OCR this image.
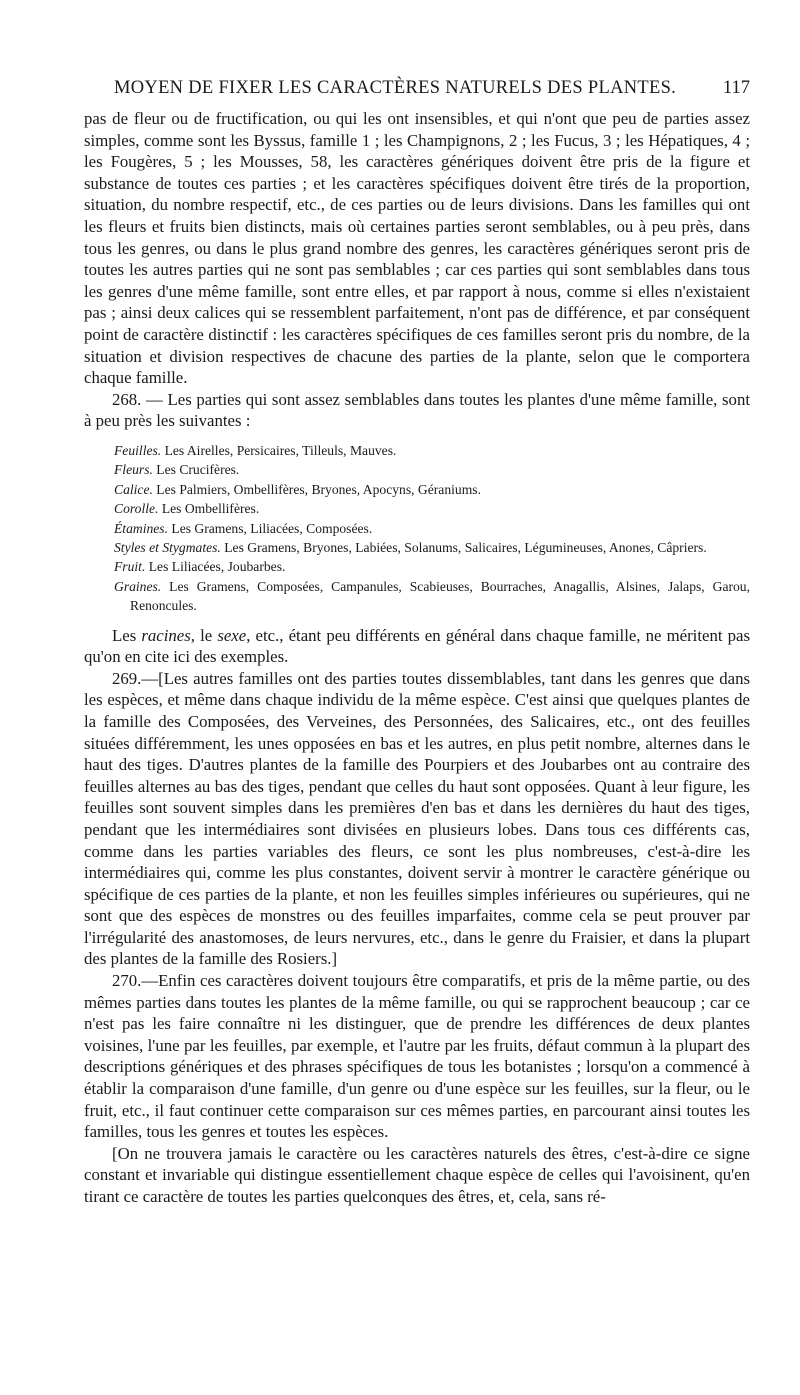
MOYEN DE FIXER LES CARACTÈRES NATURELS DES PLANTES.	117

pas de fleur ou de fructification, ou qui les ont insensibles, et qui n'ont que peu de parties assez simples, comme sont les Byssus, famille 1 ; les Champignons, 2 ; les Fucus, 3 ; les Hépatiques, 4 ; les Fougères, 5 ; les Mousses, 58, les caractères génériques doivent être pris de la figure et substance de toutes ces parties ; et les caractères spécifiques doivent être tirés de la proportion, situation, du nombre respectif, etc., de ces parties ou de leurs divisions. Dans les familles qui ont les fleurs et fruits bien distincts, mais où certaines parties seront semblables, ou à peu près, dans tous les genres, ou dans le plus grand nombre des genres, les caractères génériques seront pris de toutes les autres parties qui ne sont pas semblables ; car ces parties qui sont semblables dans tous les genres d'une même famille, sont entre elles, et par rapport à nous, comme si elles n'existaient pas ; ainsi deux calices qui se ressemblent parfaitement, n'ont pas de différence, et par conséquent point de caractère distinctif : les caractères spécifiques de ces familles seront pris du nombre, de la situation et division respectives de chacune des parties de la plante, selon que le comportera chaque famille.

268. — Les parties qui sont assez semblables dans toutes les plantes d'une même famille, sont à peu près les suivantes :

Feuilles. Les Airelles, Persicaires, Tilleuls, Mauves.
Fleurs. Les Crucifères.
Calice. Les Palmiers, Ombellifères, Bryones, Apocyns, Géraniums.
Corolle. Les Ombellifères.
Étamines. Les Gramens, Liliacées, Composées.
Styles et Stygmates. Les Gramens, Bryones, Labiées, Solanums, Salicaires, Légumineuses, Anones, Câpriers.
Fruit. Les Liliacées, Joubarbes.
Graines. Les Gramens, Composées, Campanules, Scabieuses, Bourraches, Anagallis, Alsines, Jalaps, Garou, Renoncules.

Les racines, le sexe, etc., étant peu différents en général dans chaque famille, ne méritent pas qu'on en cite ici des exemples.

269.—[Les autres familles ont des parties toutes dissemblables, tant dans les genres que dans les espèces, et même dans chaque individu de la même espèce. C'est ainsi que quelques plantes de la famille des Composées, des Verveines, des Personnées, des Salicaires, etc., ont des feuilles situées différemment, les unes opposées en bas et les autres, en plus petit nombre, alternes dans le haut des tiges. D'autres plantes de la famille des Pourpiers et des Joubarbes ont au contraire des feuilles alternes au bas des tiges, pendant que celles du haut sont opposées. Quant à leur figure, les feuilles sont souvent simples dans les premières d'en bas et dans les dernières du haut des tiges, pendant que les intermédiaires sont divisées en plusieurs lobes. Dans tous ces différents cas, comme dans les parties variables des fleurs, ce sont les plus nombreuses, c'est-à-dire les intermédiaires qui, comme les plus constantes, doivent servir à montrer le caractère générique ou spécifique de ces parties de la plante, et non les feuilles simples inférieures ou supérieures, qui ne sont que des espèces de monstres ou des feuilles imparfaites, comme cela se peut prouver par l'irrégularité des anastomoses, de leurs nervures, etc., dans le genre du Fraisier, et dans la plupart des plantes de la famille des Rosiers.]

270.—Enfin ces caractères doivent toujours être comparatifs, et pris de la même partie, ou des mêmes parties dans toutes les plantes de la même famille, ou qui se rapprochent beaucoup ; car ce n'est pas les faire connaître ni les distinguer, que de prendre les différences de deux plantes voisines, l'une par les feuilles, par exemple, et l'autre par les fruits, défaut commun à la plupart des descriptions génériques et des phrases spécifiques de tous les botanistes ; lorsqu'on a commencé à établir la comparaison d'une famille, d'un genre ou d'une espèce sur les feuilles, sur la fleur, ou le fruit, etc., il faut continuer cette comparaison sur ces mêmes parties, en parcourant ainsi toutes les familles, tous les genres et toutes les espèces.

[On ne trouvera jamais le caractère ou les caractères naturels des êtres, c'est-à-dire ce signe constant et invariable qui distingue essentiellement chaque espèce de celles qui l'avoisinent, qu'en tirant ce caractère de toutes les parties quelconques des êtres, et, cela, sans ré-
